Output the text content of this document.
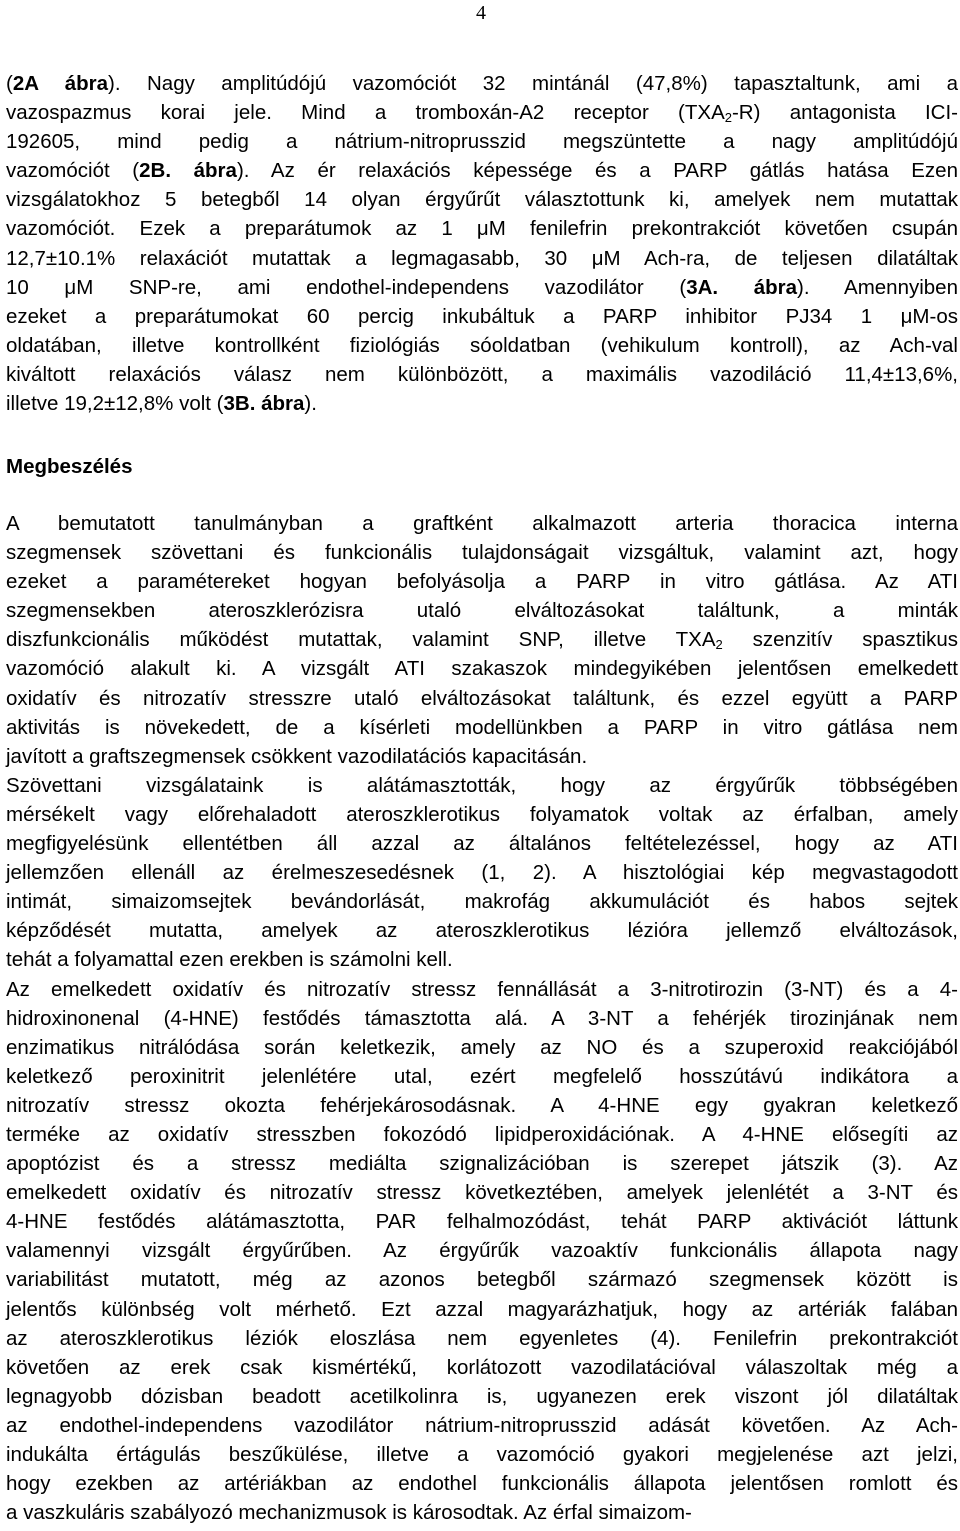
4
(2A ábra). Nagy amplitúdójú vazomóciót 32 mintánál (47,8%) tapasztaltunk, ami a
vazospazmus korai jele. Mind a tromboxán-A2 receptor $(TXA_2-R)$ antagonista ICI-
192605, mind pedig a nátrium-nitroprusszid megszüntette a nagy amplitúdójú
vazomóciót (2B. ábra). Az ér relaxációs képessége és a PARP gátlás hatása Ezen
vizsgálatokhoz 5 betegből 14 olyan érgyűrűt választottunk ki, amelyek nem mutattak
vazomóciót. Ezek a preparátumok az 1 μM fenilefrin prekontrakciót követően csupán
12,7±10.1% relaxációt mutattak a legmagasabb, 30 μM Ach-ra, de teljesen dilatáltak
10 μM SNP-re, ami endothel-independens vazodilátor (3A. ábra). Amennyiben
ezeket a preparátumokat 60 percig inkubáltuk a PARP inhibitor PJ34 1 μM-os
oldatában, illetve kontrollként fiziológiás sóoldatban (vehikulum kontroll), az Ach-val
kiváltott relaxációs válasz nem különbözött, a maximális vazodiláció 11,4±13,6%,
illetve 19,2±12,8% volt (3B. ábra).
Megbeszélés
A bemutatott tanulmányban a graftként alkalmazott arteria thoracica interna
szegmensek szövettani és funkcionális tulajdonságait vizsgáltuk, valamint azt, hogy
ezeket a paramétereket hogyan befolyásolja a PARP in vitro gátlása. Az ATI
szegmensekben ateroszklerózisra utaló elváltozásokat találtunk, a minták
diszfunkcionális működést mutattak, valamint SNP, illetve $TXA_2$ szenzitív spasztikus
vazomóció alakult ki. A vizsgált ATI szakaszok mindegyikében jelentősen emelkedett
oxidatív és nitrozatív stresszre utaló elváltozásokat találtunk, és ezzel együtt a PARP
aktivitás is növekedett, de a kísérleti modellünkben a PARP in vitro gátlása nem
javított a graftszegmensek csökkent vazodilatációs kapacitásán.
Szövettani vizsgálataink is alátámasztották, hogy az érgyűrűk többségében
mérsékelt vagy előrehaladott ateroszklerotikus folyamatok voltak az érfalban, amely
megfigyelésünk ellentétben áll azzal az általános feltételezéssel, hogy az ATI
jellemzően ellenáll az érelmeszesedésnek (1, 2). A hisztológiai kép megvastagodott
intimát, simaizomsejtek bevándorlását, makrofág akkumulációt és habos sejtek
képződését mutatta, amelyek az ateroszklerotikus lézióra jellemző elváltozások,
tehát a folyamattal ezen erekben is számolni kell.
Az emelkedett oxidatív és nitrozatív stressz fennállását a 3-nitrotirozin (3-NT) és a 4-
hidroxinonenal (4-HNE) festődés támasztotta alá. A 3-NT a fehérjék tirozinjának nem
enzimatikus nitrálódása során keletkezik, amely az NO és a szuperoxid reakciójából
keletkező peroxinitrit jelenlétére utal, ezért megfelelő hosszútávú indikátora a
nitrozatív stressz okozta fehérjekárosodásnak. A 4-HNE egy gyakran keletkező
terméke az oxidatív stresszben fokozódó lipidperoxidációnak. A 4-HNE elősegíti az
apoptózist és a stressz mediálta szignalizációban is szerepet játszik (3). Az
emelkedett oxidatív és nitrozatív stressz következtében, amelyek jelenlétét a 3-NT és
4-HNE festődés alátámasztotta, PAR felhalmozódást, tehát PARP aktivációt láttunk
valamennyi vizsgált érgyűrűben. Az érgyűrűk vazoaktív funkcionális állapota nagy
variabilitást mutatott, még az azonos betegből származó szegmensek között is
jelentős különbség volt mérhető. Ezt azzal magyarázhatjuk, hogy az artériák falában
az ateroszklerotikus léziók eloszlása nem egyenletes (4). Fenilefrin prekontrakciót
követően az erek csak kismértékű, korlátozott vazodilatációval válaszoltak még a
legnagyobb dózisban beadott acetilkolinra is, ugyanezen erek viszont jól dilatáltak
az endothel-independens vazodilátor nátrium-nitroprusszid adását követően. Az Ach-
indukálta értágulás beszűkülése, illetve a vazomóció gyakori megjelenése azt jelzi,
hogy ezekben az artériákban az endothel funkcionális állapota jelentősen romlott és
a vaszkuláris szabályozó mechanizmusok is károsodtak. Az érfal simaizom-
